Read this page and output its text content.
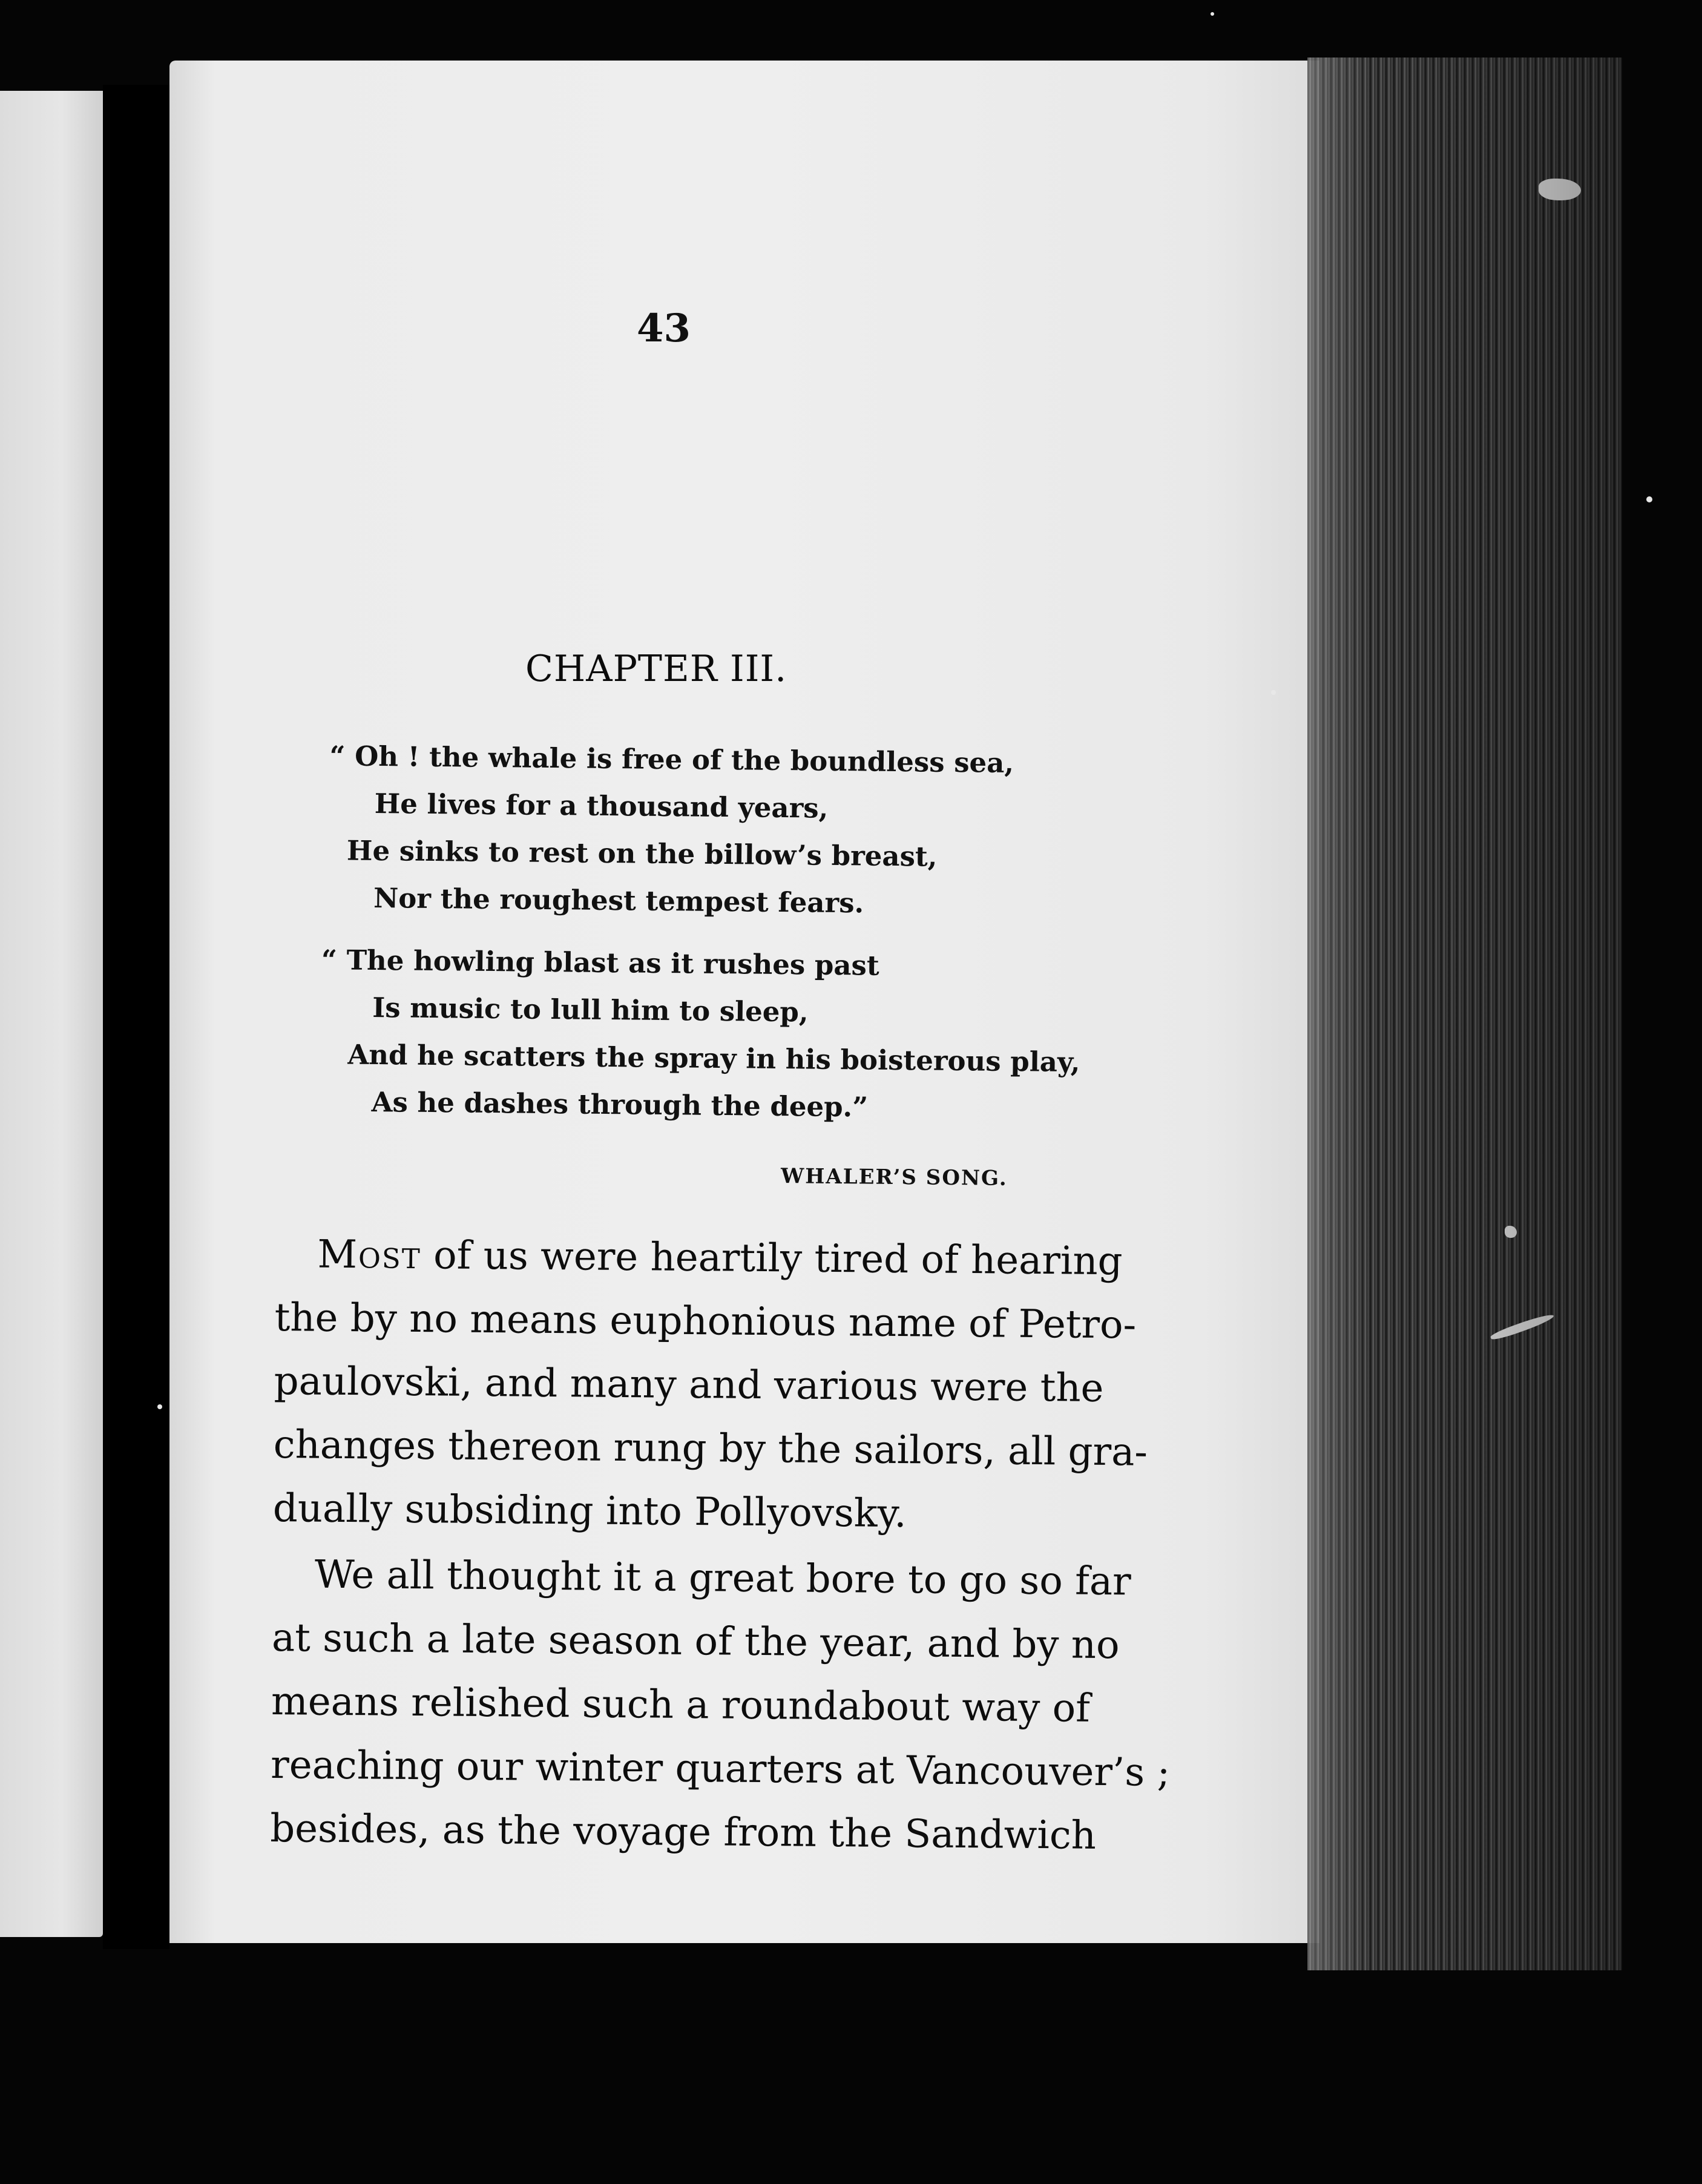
43
CHAPTER III.
“ Oh ! the whale is free of the boundless sea,
He lives for a thousand years,
He sinks to rest on the billow’s breast,
Nor the roughest tempest fears.
“ The howling blast as it rushes past
Is music to lull him to sleep,
And he scatters the spray in his boisterous play,
As he dashes through the deep.”
WHALER’S SONG.
Most of us were heartily tired of hearing
the by no means euphonious name of Petro-
paulovski, and many and various were the
changes thereon rung by the sailors, all gra-
dually subsiding into Pollyovsky.
We all thought it a great bore to go so far
at such a late season of the year, and by no
means relished such a roundabout way of
reaching our winter quarters at Vancouver’s ;
besides, as the voyage from the Sandwich
